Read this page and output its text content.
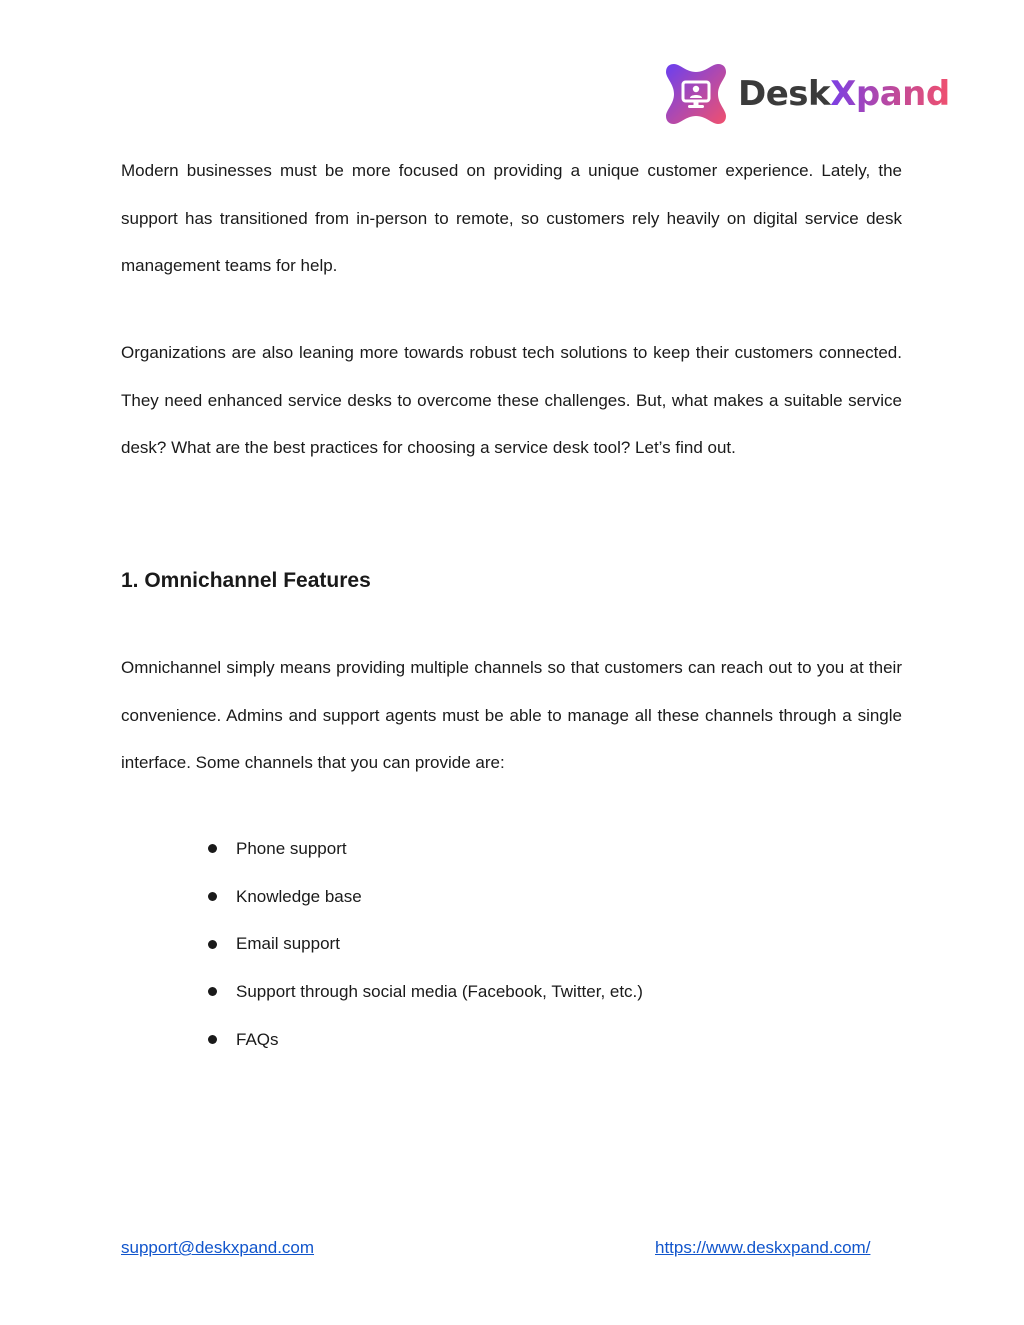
DeskXpand

Modern businesses must be more focused on providing a unique customer experience. Lately, the support has transitioned from in-person to remote, so customers rely heavily on digital service desk management teams for help.

Organizations are also leaning more towards robust tech solutions to keep their customers connected. They need enhanced service desks to overcome these challenges. But, what makes a suitable service desk? What are the best practices for choosing a service desk tool? Let’s find out.

1. Omnichannel Features

Omnichannel simply means providing multiple channels so that customers can reach out to you at their convenience. Admins and support agents must be able to manage all these channels through a single interface. Some channels that you can provide are:

Phone support
Knowledge base
Email support
Support through social media (Facebook, Twitter, etc.)
FAQs
support@deskxpand.com	https://www.deskxpand.com/
